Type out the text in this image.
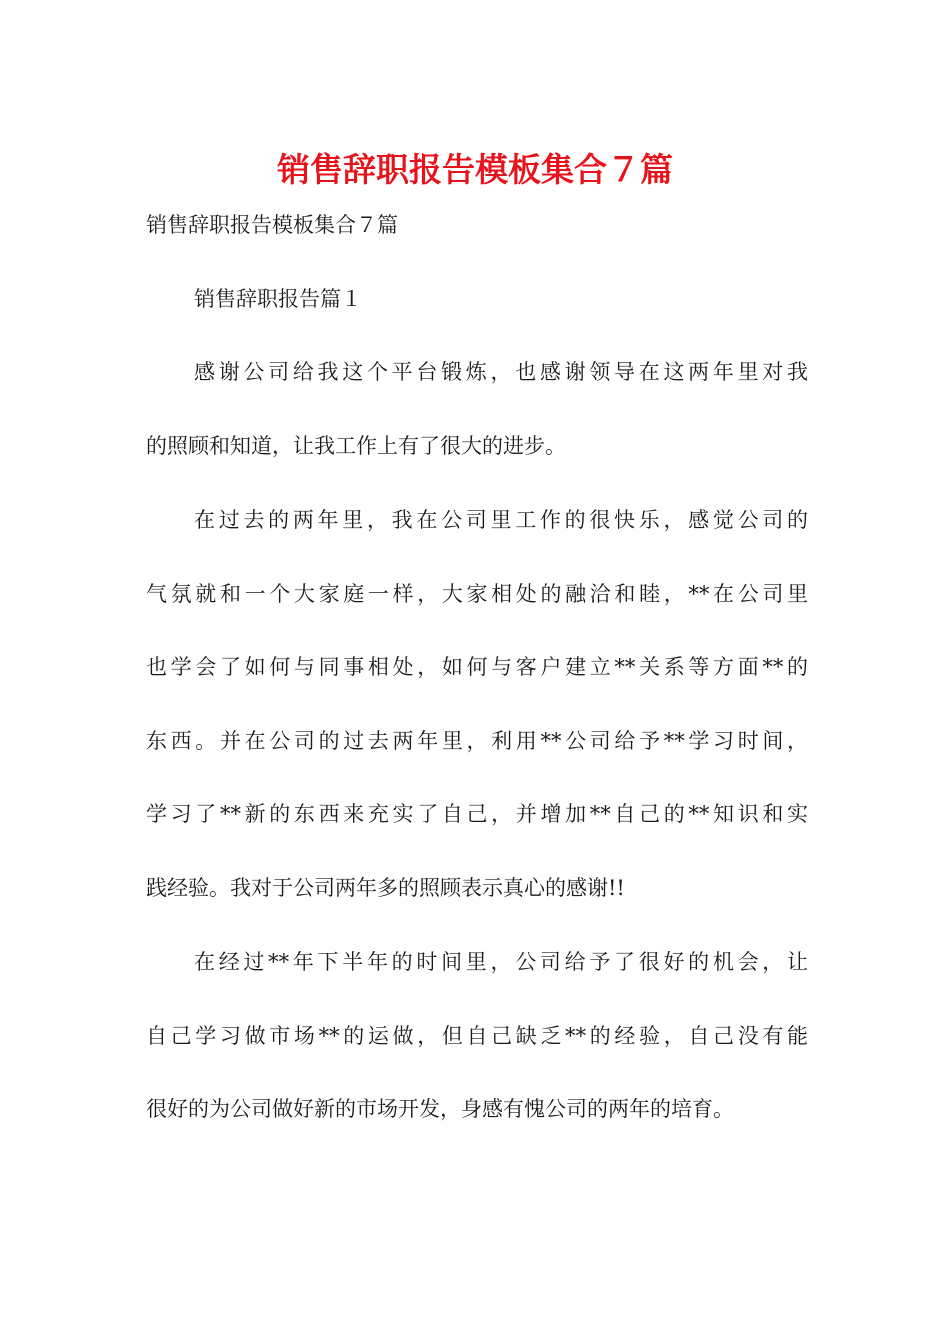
销售辞职报告模板集合７篇

销售辞职报告模板集合７篇

销售辞职报告篇１

感谢公司给我这个平台锻炼，也感谢领导在这两年里对我
的照顾和知道，让我工作上有了很大的进步。
在过去的两年里，我在公司里工作的很快乐，感觉公司的
气氛就和一个大家庭一样，大家相处的融洽和睦，**在公司里
也学会了如何与同事相处，如何与客户建立**关系等方面**的
东西。并在公司的过去两年里，利用**公司给予**学习时间，
学习了**新的东西来充实了自己，并增加**自己的**知识和实
践经验。我对于公司两年多的照顾表示真心的感谢!!
在经过**年下半年的时间里，公司给予了很好的机会，让
自己学习做市场**的运做，但自己缺乏**的经验，自己没有能
很好的为公司做好新的市场开发，身感有愧公司的两年的培育。
